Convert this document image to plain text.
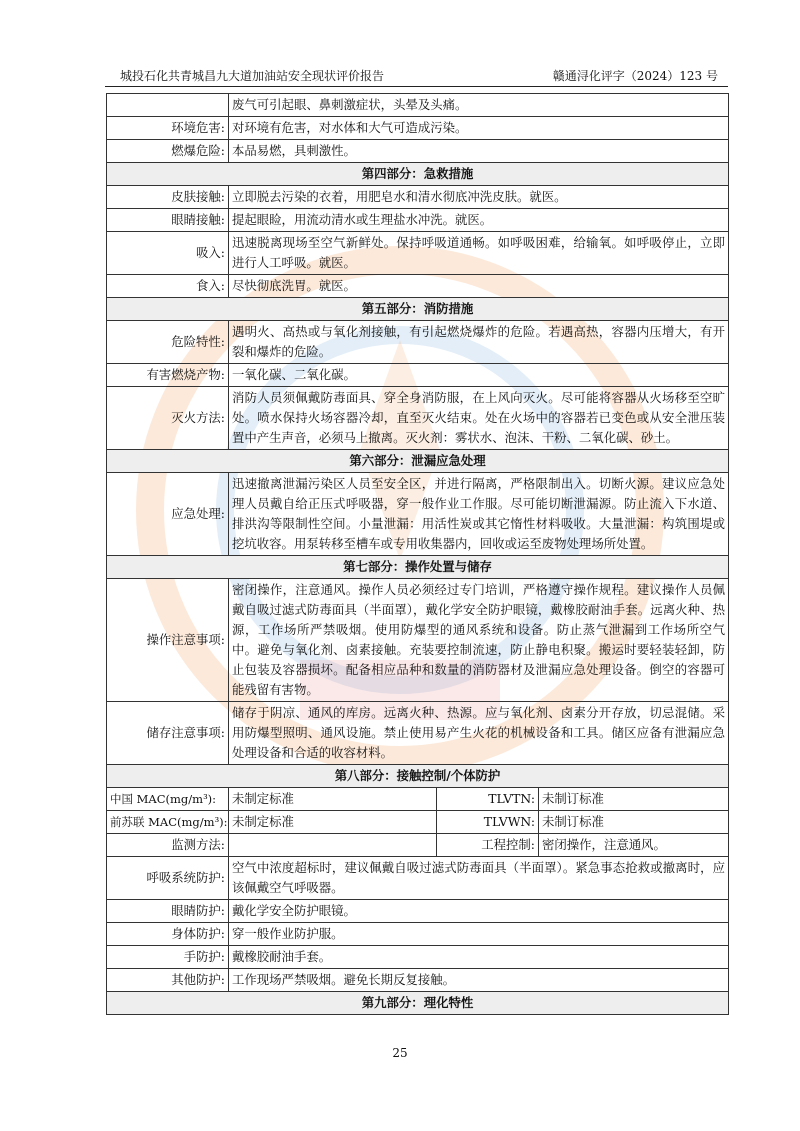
城投石化共青城昌九大道加油站安全现状评价报告	赣通浔化评字（2024）123 号
	废气可引起眼、鼻刺激症状，头晕及头痛。		
环境危害:	对环境有危害，对水体和大气可造成污染。		
燃爆危险:	本品易燃，具刺激性。		
第四部分：急救措施			
皮肤接触:	立即脱去污染的衣着，用肥皂水和清水彻底冲洗皮肤。就医。		
眼睛接触:	提起眼睑，用流动清水或生理盐水冲洗。就医。		
吸入:	迅速脱离现场至空气新鲜处。保持呼吸道通畅。如呼吸困难，给输氧。如呼吸停止，立即进行人工呼吸。就医。		
食入:	尽快彻底洗胃。就医。		
第五部分：消防措施			
危险特性:	遇明火、高热或与氧化剂接触，有引起燃烧爆炸的危险。若遇高热，容器内压增大，有开裂和爆炸的危险。		
有害燃烧产物:	一氧化碳、二氧化碳。		
灭火方法:	消防人员须佩戴防毒面具、穿全身消防服，在上风向灭火。尽可能将容器从火场移至空旷处。喷水保持火场容器冷却，直至灭火结束。处在火场中的容器若已变色或从安全泄压装置中产生声音，必须马上撤离。灭火剂：雾状水、泡沫、干粉、二氧化碳、砂土。		
第六部分：泄漏应急处理			
应急处理:	迅速撤离泄漏污染区人员至安全区，并进行隔离，严格限制出入。切断火源。建议应急处理人员戴自给正压式呼吸器，穿一般作业工作服。尽可能切断泄漏源。防止流入下水道、排洪沟等限制性空间。小量泄漏：用活性炭或其它惰性材料吸收。大量泄漏：构筑围堤或挖坑收容。用泵转移至槽车或专用收集器内，回收或运至废物处理场所处置。		
第七部分：操作处置与储存			
操作注意事项:	密闭操作，注意通风。操作人员必须经过专门培训，严格遵守操作规程。建议操作人员佩戴自吸过滤式防毒面具（半面罩），戴化学安全防护眼镜，戴橡胶耐油手套。远离火种、热源，工作场所严禁吸烟。使用防爆型的通风系统和设备。防止蒸气泄漏到工作场所空气中。避免与氧化剂、卤素接触。充装要控制流速，防止静电积聚。搬运时要轻装轻卸，防止包装及容器损坏。配备相应品种和数量的消防器材及泄漏应急处理设备。倒空的容器可能残留有害物。		
储存注意事项:	储存于阴凉、通风的库房。远离火种、热源。应与氧化剂、卤素分开存放，切忌混储。采用防爆型照明、通风设施。禁止使用易产生火花的机械设备和工具。储区应备有泄漏应急处理设备和合适的收容材料。		
第八部分：接触控制/个体防护			
中国 MAC(mg/m³):	未制定标准	TLVTN:	未制订标准
前苏联 MAC(mg/m³):	未制定标准	TLVWN:	未制订标准
监测方法:		工程控制:	密闭操作，注意通风。
呼吸系统防护:	空气中浓度超标时，建议佩戴自吸过滤式防毒面具（半面罩）。紧急事态抢救或撤离时，应该佩戴空气呼吸器。		
眼睛防护:	戴化学安全防护眼镜。		
身体防护:	穿一般作业防护服。		
手防护:	戴橡胶耐油手套。		
其他防护:	工作现场严禁吸烟。避免长期反复接触。		
第九部分：理化特性			
25
